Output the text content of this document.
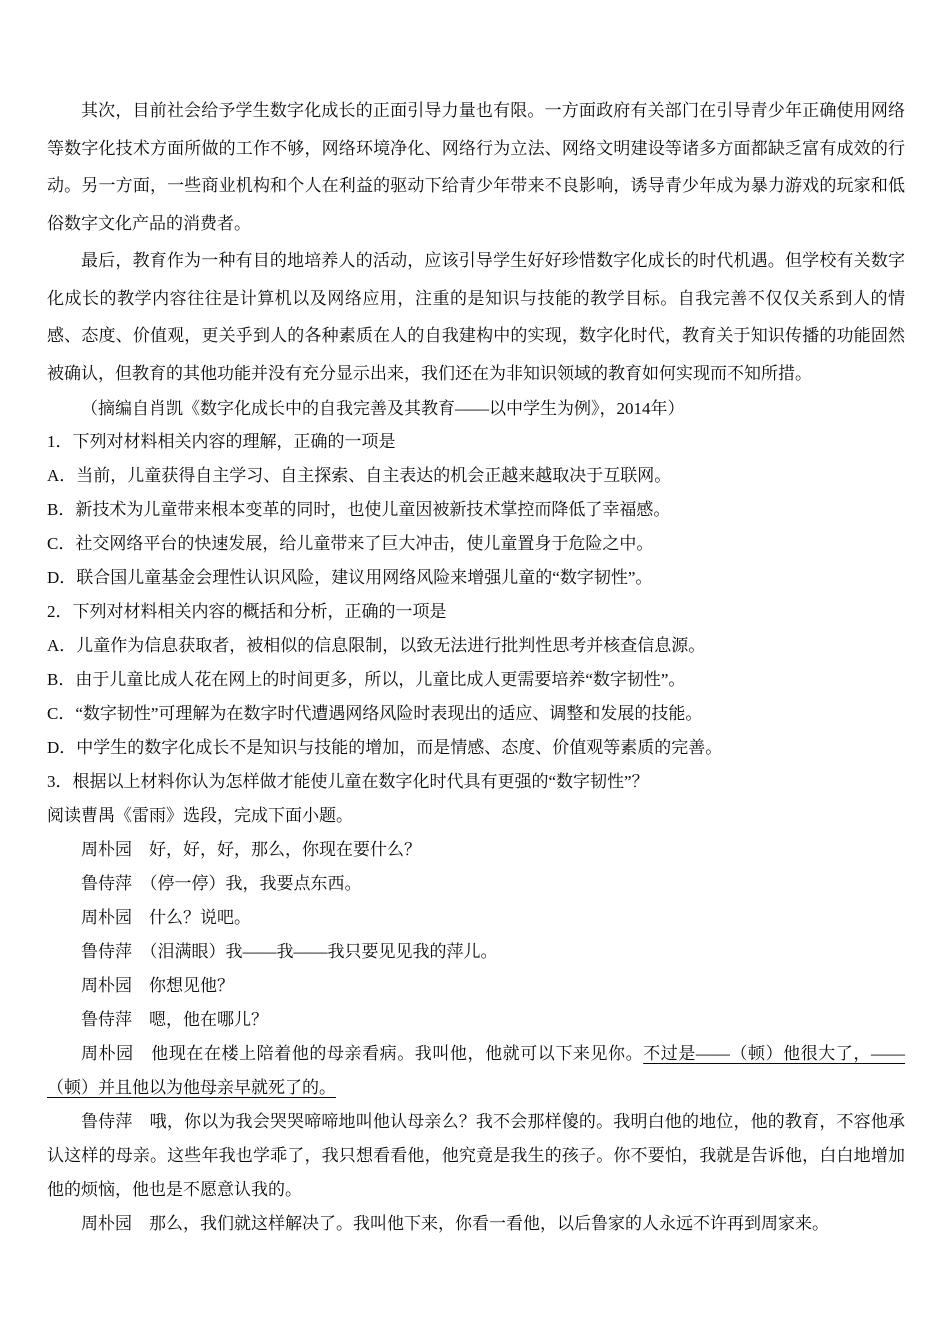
其次，目前社会给予学生数字化成长的正面引导力量也有限。一方面政府有关部门在引导青少年正确使用网络等数字化技术方面所做的工作不够，网络环境净化、网络行为立法、网络文明建设等诸多方面都缺乏富有成效的行动。另一方面，一些商业机构和个人在利益的驱动下给青少年带来不良影响，诱导青少年成为暴力游戏的玩家和低俗数字文化产品的消费者。

最后，教育作为一种有目的地培养人的活动，应该引导学生好好珍惜数字化成长的时代机遇。但学校有关数字化成长的教学内容往往是计算机以及网络应用，注重的是知识与技能的教学目标。自我完善不仅仅关系到人的情感、态度、价值观，更关乎到人的各种素质在人的自我建构中的实现，数字化时代，教育关于知识传播的功能固然被确认，但教育的其他功能并没有充分显示出来，我们还在为非知识领域的教育如何实现而不知所措。

（摘编自肖凯《数字化成长中的自我完善及其教育——以中学生为例》，2014年）

1．下列对材料相关内容的理解，正确的一项是

A．当前，儿童获得自主学习、自主探索、自主表达的机会正越来越取决于互联网。

B．新技术为儿童带来根本变革的同时，也使儿童因被新技术掌控而降低了幸福感。

C．社交网络平台的快速发展，给儿童带来了巨大冲击，使儿童置身于危险之中。

D．联合国儿童基金会理性认识风险，建议用网络风险来增强儿童的“数字韧性”。

2．下列对材料相关内容的概括和分析，正确的一项是

A．儿童作为信息获取者，被相似的信息限制，以致无法进行批判性思考并核查信息源。

B．由于儿童比成人花在网上的时间更多，所以，儿童比成人更需要培养“数字韧性”。

C．“数字韧性”可理解为在数字时代遭遇网络风险时表现出的适应、调整和发展的技能。

D．中学生的数字化成长不是知识与技能的增加，而是情感、态度、价值观等素质的完善。

3．根据以上材料你认为怎样做才能使儿童在数字化时代具有更强的“数字韧性”？

阅读曹禺《雷雨》选段，完成下面小题。

周朴园　好，好，好，那么，你现在要什么？

鲁侍萍　（停一停）我，我要点东西。

周朴园　什么？说吧。

鲁侍萍　（泪满眼）我——我——我只要见见我的萍儿。

周朴园　你想见他？

鲁侍萍　嗯，他在哪儿？

周朴园　他现在在楼上陪着他的母亲看病。我叫他，他就可以下来见你。不过是——（顿）他很大了，——（顿）并且他以为他母亲早就死了的。

鲁侍萍　哦，你以为我会哭哭啼啼地叫他认母亲么？我不会那样傻的。我明白他的地位，他的教育，不容他承认这样的母亲。这些年我也学乖了，我只想看看他，他究竟是我生的孩子。你不要怕，我就是告诉他，白白地增加他的烦恼，他也是不愿意认我的。

周朴园　那么，我们就这样解决了。我叫他下来，你看一看他，以后鲁家的人永远不许再到周家来。
